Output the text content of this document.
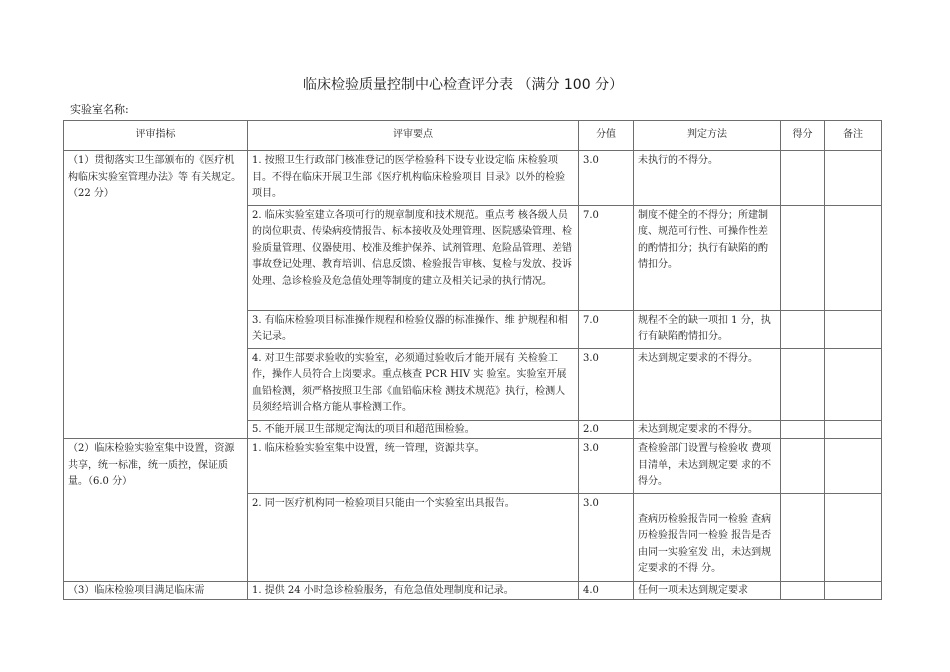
临床检验质量控制中心检查评分表 （满分 100 分）
实验室名称:
评审指标	评审要点	分值	判定方法	得分	备注
（1）贯彻落实卫生部颁布的《医疗机构临床实验室管理办法》等 有关规定。（22 分）	1. 按照卫生行政部门核准登记的医学检验科下设专业设定临 床检验项目。不得在临床开展卫生部《医疗机构临床检验项目 目录》以外的检验项目。	3.0	未执行的不得分。		
	2. 临床实验室建立各项可行的规章制度和技术规范。重点考 核各级人员的岗位职责、传染病疫情报告、标本接收及处理管理、医院感染管理、检验质量管理、仪器使用、校准及维护保养、试剂管理、危险品管理、差错事故登记处理、教育培训、信息反馈、检验报告审核、复检与发放、投诉处理、急诊检验及危急值处理等制度的建立及相关记录的执行情况。	7.0	制度不健全的不得分；所建制度、规范可行性、可操作性差的酌情扣分；执行有缺陷的酌情扣分。		
	3. 有临床检验项目标准操作规程和检验仪器的标准操作、维 护规程和相关记录。	7.0	规程不全的缺一项扣 1 分，执行有缺陷酌情扣分。		
	4. 对卫生部要求验收的实验室，必须通过验收后才能开展有 关检验工作，操作人员符合上岗要求。重点核查 PCR HIV 实 验室。实验室开展血铅检测，须严格按照卫生部《血铅临床检 测技术规范》执行，检测人员须经培训合格方能从事检测工作。	3.0	未达到规定要求的不得分。		
	5. 不能开展卫生部规定淘汰的项目和超范围检验。	2.0	未达到规定要求的不得分。		
（2）临床检验实验室集中设置，资源共享，统一标准，统一质控，保证质量。（6.0 分）	1. 临床检验实验室集中设置，统一管理，资源共享。	3.0	查检验部门设置与检验收 费项目清单，未达到规定要 求的不得分。		
	2. 同一医疗机构同一检验项目只能由一个实验室出具报告。	3.0	查病历检验报告同一检验 查病历检验报告同一检验 报告是否由同一实验室发 出，未达到规定要求的不得 分。		
（3）临床检验项目满足临床需	1. 提供 24 小时急诊检验服务，有危急值处理制度和记录。	4.0	任何一项未达到规定要求		
